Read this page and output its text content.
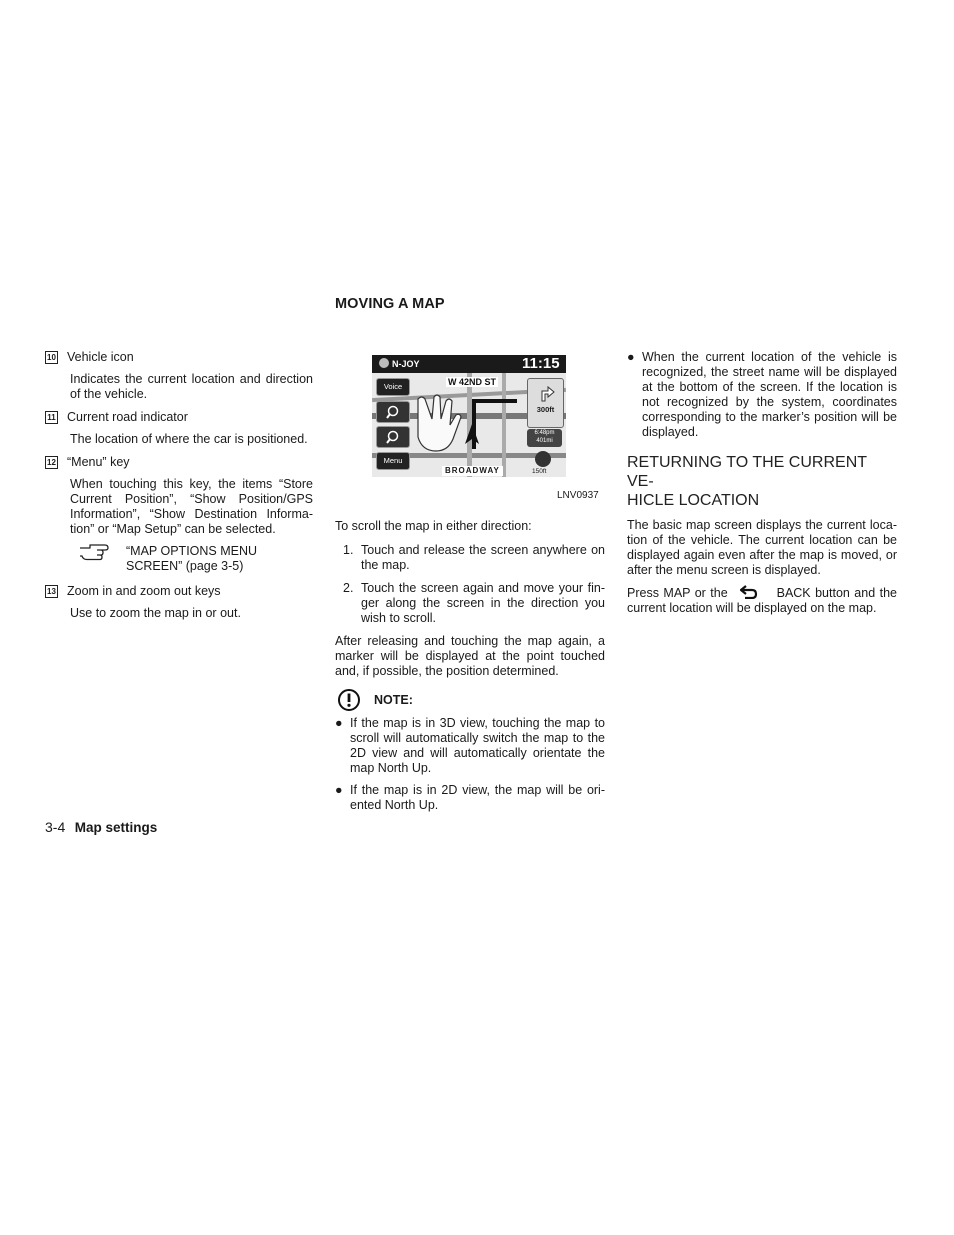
MOVING A MAP
10 Vehicle icon
Indicates the current location and direction of the vehicle.
11 Current road indicator
The location of where the car is positioned.
12 “Menu” key
When touching this key, the items “Store Current Position”, “Show Position/GPS Information”, “Show Destination Informa-tion” or “Map Setup” can be selected.
“MAP OPTIONS MENU SCREEN” (page 3-5)
13 Zoom in and zoom out keys
Use to zoom the map in or out.
N-JOY	11:15
W 42ND ST
Voice
Menu
300ft
6:48pm
401mi
150ft
BROADWAY
LNV0937
To scroll the map in either direction:
1. Touch and release the screen anywhere on the map.
2. Touch the screen again and move your fin-ger along the screen in the direction you wish to scroll.
After releasing and touching the map again, a marker will be displayed at the point touched and, if possible, the position determined.
NOTE:
● If the map is in 3D view, touching the map to scroll will automatically switch the map to the 2D view and will automatically orientate the map North Up.
● If the map is in 2D view, the map will be ori-ented North Up.
● When the current location of the vehicle is recognized, the street name will be displayed at the bottom of the screen. If the location is not recognized by the system, coordinates corresponding to the marker’s position will be displayed.
RETURNING TO THE CURRENT VE-
HICLE LOCATION
The basic map screen displays the current loca-tion of the vehicle. The current location can be displayed again even after the map is moved, or after the menu screen is displayed.
Press MAP or the	BACK button and the current location will be displayed on the map.
3-4 Map settings
